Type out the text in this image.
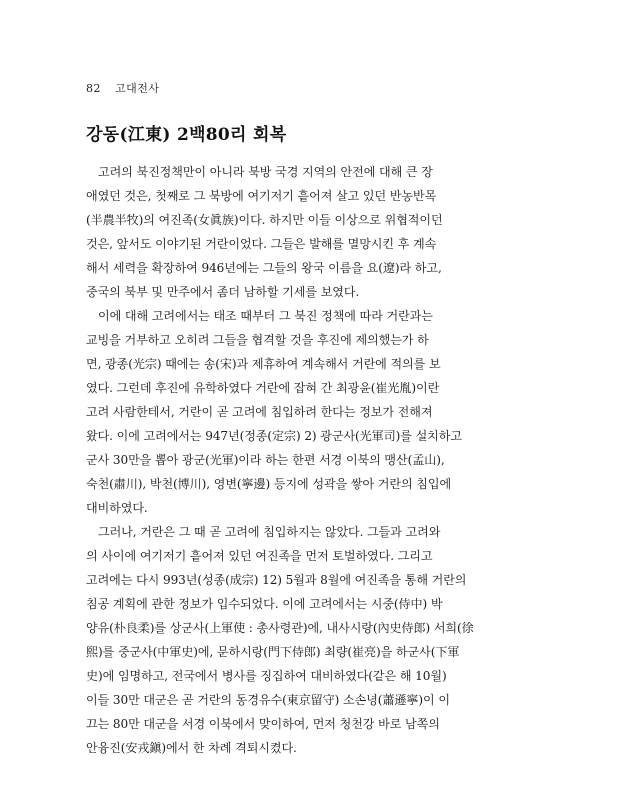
82 고대전사
강동(江東) 2백80리 회복
고려의 북진정책만이 아니라 북방 국경 지역의 안전에 대해 큰 장
애였던 것은, 첫째로 그 북방에 여기저기 흩어져 살고 있던 반농반목
(半農半牧)의 여진족(女眞族)이다. 하지만 이들 이상으로 위협적이던
것은, 앞서도 이야기된 거란이었다. 그들은 발해를 멸망시킨 후 계속
해서 세력을 확장하여 946년에는 그들의 왕국 이름을 요(遼)라 하고,
중국의 북부 및 만주에서 좀더 남하할 기세를 보였다.
이에 대해 고려에서는 태조 때부터 그 북진 정책에 따라 거란과는
교빙을 거부하고 오히려 그들을 협격할 것을 후진에 제의했는가 하
면, 광종(光宗) 때에는 송(宋)과 제휴하여 계속해서 거란에 적의를 보
였다. 그런데 후진에 유학하였다 거란에 잡혀 간 최광윤(崔光胤)이란
고려 사람한테서, 거란이 곧 고려에 침입하려 한다는 정보가 전해져
왔다. 이에 고려에서는 947년(정종(定宗) 2) 광군사(光軍司)를 설치하고
군사 30만을 뽑아 광군(光軍)이라 하는 한편 서경 이북의 맹산(孟山),
숙천(肅川), 박천(博川), 영변(寧邊) 등지에 성곽을 쌓아 거란의 침입에
대비하였다.
그러나, 거란은 그 때 곧 고려에 침입하지는 않았다. 그들과 고려와
의 사이에 여기저기 흩어져 있던 여진족을 먼저 토벌하였다. 그리고
고려에는 다시 993년(성종(成宗) 12) 5월과 8월에 여진족을 통해 거란의
침공 계획에 관한 정보가 입수되었다. 이에 고려에서는 시중(侍中) 박
양유(朴良柔)를 상군사(上軍使 : 총사령관)에, 내사시랑(內史侍郎) 서희(徐
熙)를 중군사(中軍史)에, 문하시랑(門下侍郎) 최량(崔亮)을 하군사(下軍
史)에 임명하고, 전국에서 병사를 징집하여 대비하였다(같은 해 10월)
이들 30만 대군은 곧 거란의 동경유수(東京留守) 소손녕(蕭遜寧)이 이
끄는 80만 대군을 서경 이북에서 맞이하여, 먼저 청천강 바로 남쪽의
안융진(安戎鎭)에서 한 차례 격퇴시켰다.
